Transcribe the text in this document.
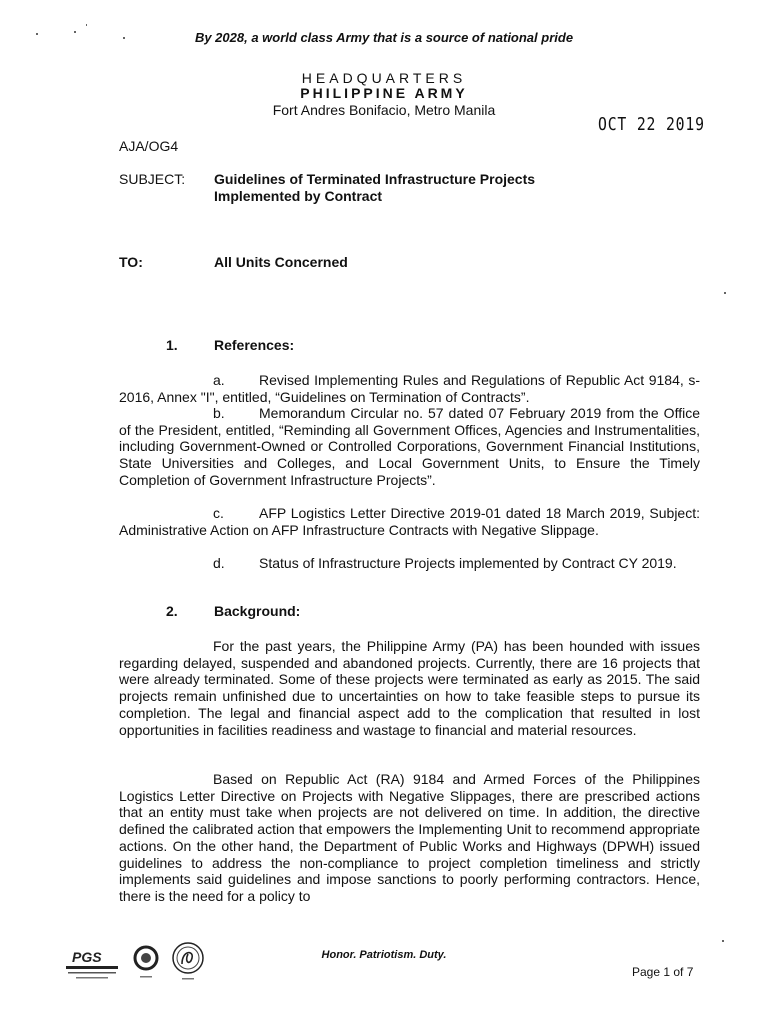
By 2028, a world class Army that is a source of national pride
HEADQUARTERS
PHILIPPINE ARMY
Fort Andres Bonifacio, Metro Manila
OCT 22 2019
AJA/OG4
SUBJECT: Guidelines of Terminated Infrastructure Projects
Implemented by Contract
TO:	All Units Concerned
1.	References:

a. Revised Implementing Rules and Regulations of Republic Act 9184, s-2016, Annex "I", entitled, “Guidelines on Termination of Contracts”.

b. Memorandum Circular no. 57 dated 07 February 2019 from the Office of the President, entitled, “Reminding all Government Offices, Agencies and Instrumentalities, including Government-Owned or Controlled Corporations, Government Financial Institutions, State Universities and Colleges, and Local Government Units, to Ensure the Timely Completion of Government Infrastructure Projects”.

c.	AFP Logistics Letter Directive 2019-01 dated 18 March 2019, Subject: Administrative Action on AFP Infrastructure Contracts with Negative Slippage.

d. Status of Infrastructure Projects implemented by Contract CY 2019.

2.	Background:

For the past years, the Philippine Army (PA) has been hounded with issues regarding delayed, suspended and abandoned projects. Currently, there are 16 projects that were already terminated. Some of these projects were terminated as early as 2015. The said projects remain unfinished due to uncertainties on how to take feasible steps to pursue its completion. The legal and financial aspect add to the complication that resulted in lost opportunities in facilities readiness and wastage to financial and material resources.

Based on Republic Act (RA) 9184 and Armed Forces of the Philippines Logistics Letter Directive on Projects with Negative Slippages, there are prescribed actions that an entity must take when projects are not delivered on time. In addition, the directive defined the calibrated action that empowers the Implementing Unit to recommend appropriate actions. On the other hand, the Department of Public Works and Highways (DPWH) issued guidelines to address the non-compliance to project completion timeliness and strictly implements said guidelines and impose sanctions to poorly performing contractors. Hence, there is the need for a policy to

PGS	Honor. Patriotism. Duty.
Page 1 of 7
